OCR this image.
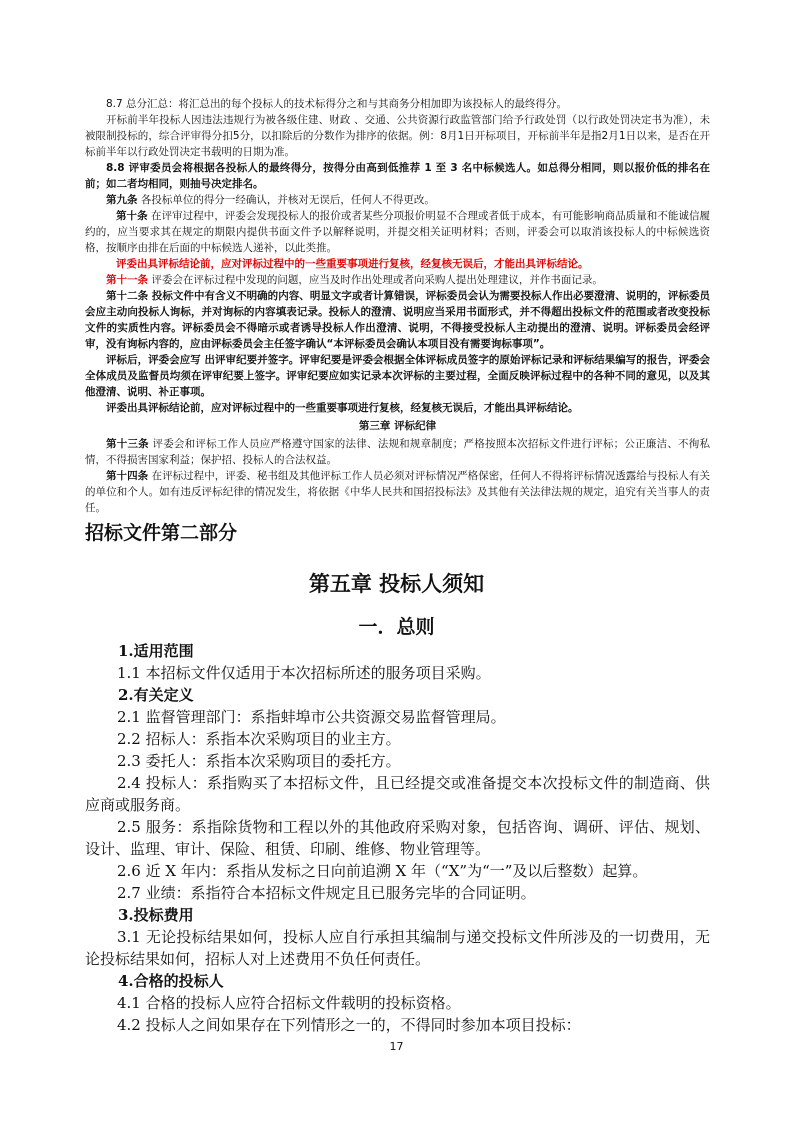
8.7 总分汇总：将汇总出的每个投标人的技术标得分之和与其商务分相加即为该投标人的最终得分。

开标前半年投标人因违法违规行为被各级住建、财政 、交通、公共资源行政监管部门给予行政处罚（以行政处罚决定书为准），未被限制投标的，综合评审得分扣5分，以扣除后的分数作为排序的依据。例：8月1日开标项目，开标前半年是指2月1日以来，是否在开标前半年以行政处罚决定书载明的日期为准。

8.8 评审委员会将根据各投标人的最终得分，按得分由高到低推荐 1 至 3 名中标候选人。如总得分相同，则以报价低的排名在前；如二者均相同，则抽号决定排名。

第九条 各投标单位的得分一经确认，并核对无误后，任何人不得更改。

第十条 在评审过程中，评委会发现投标人的报价或者某些分项报价明显不合理或者低于成本，有可能影响商品质量和不能诚信履约的，应当要求其在规定的期限内提供书面文件予以解释说明，并提交相关证明材料；否则，评委会可以取消该投标人的中标候选资格，按顺序由排在后面的中标候选人递补，以此类推。

评委出具评标结论前，应对评标过程中的一些重要事项进行复核，经复核无误后，才能出具评标结论。

第十一条 评委会在评标过程中发现的问题，应当及时作出处理或者向采购人提出处理建议，并作书面记录。

第十二条 投标文件中有含义不明确的内容、明显文字或者计算错误，评标委员会认为需要投标人作出必要澄清、说明的，评标委员会应主动向投标人询标，并对询标的内容填表记录。投标人的澄清、说明应当采用书面形式，并不得超出投标文件的范围或者改变投标文件的实质性内容。评标委员会不得暗示或者诱导投标人作出澄清、说明，不得接受投标人主动提出的澄清、说明。评标委员会经评审，没有询标内容的，应由评标委员会主任签字确认“本评标委员会确认本项目没有需要询标事项”。

评标后，评委会应写 出评审纪要并签字。评审纪要是评委会根据全体评标成员签字的原始评标记录和评标结果编写的报告，评委会全体成员及监督员均须在评审纪要上签字。评审纪要应如实记录本次评标的主要过程，全面反映评标过程中的各种不同的意见，以及其他澄清、说明、补正事项。

评委出具评标结论前，应对评标过程中的一些重要事项进行复核，经复核无误后，才能出具评标结论。

第三章 评标纪律

第十三条 评委会和评标工作人员应严格遵守国家的法律、法规和规章制度；严格按照本次招标文件进行评标；公正廉洁、不徇私情，不得损害国家利益；保护招、投标人的合法权益。

第十四条 在评标过程中，评委、秘书组及其他评标工作人员必须对评标情况严格保密，任何人不得将评标情况透露给与投标人有关的单位和个人。如有违反评标纪律的情况发生，将依据《中华人民共和国招投标法》及其他有关法律法规的规定，追究有关当事人的责任。

招标文件第二部分

第五章 投标人须知

一．总则

1.适用范围

1.1 本招标文件仅适用于本次招标所述的服务项目采购。

2.有关定义

2.1 监督管理部门：系指蚌埠市公共资源交易监督管理局。

2.2 招标人：系指本次采购项目的业主方。

2.3 委托人：系指本次采购项目的委托方。

2.4 投标人：系指购买了本招标文件，且已经提交或准备提交本次投标文件的制造商、供应商或服务商。

2.5 服务：系指除货物和工程以外的其他政府采购对象，包括咨询、调研、评估、规划、设计、监理、审计、保险、租赁、印刷、维修、物业管理等。

2.6 近 X 年内：系指从发标之日向前追溯 X 年（“X”为“一”及以后整数）起算。

2.7 业绩：系指符合本招标文件规定且已服务完毕的合同证明。

3.投标费用

3.1 无论投标结果如何，投标人应自行承担其编制与递交投标文件所涉及的一切费用，无论投标结果如何，招标人对上述费用不负任何责任。

4.合格的投标人

4.1 合格的投标人应符合招标文件载明的投标资格。

4.2 投标人之间如果存在下列情形之一的，不得同时参加本项目投标：

17
